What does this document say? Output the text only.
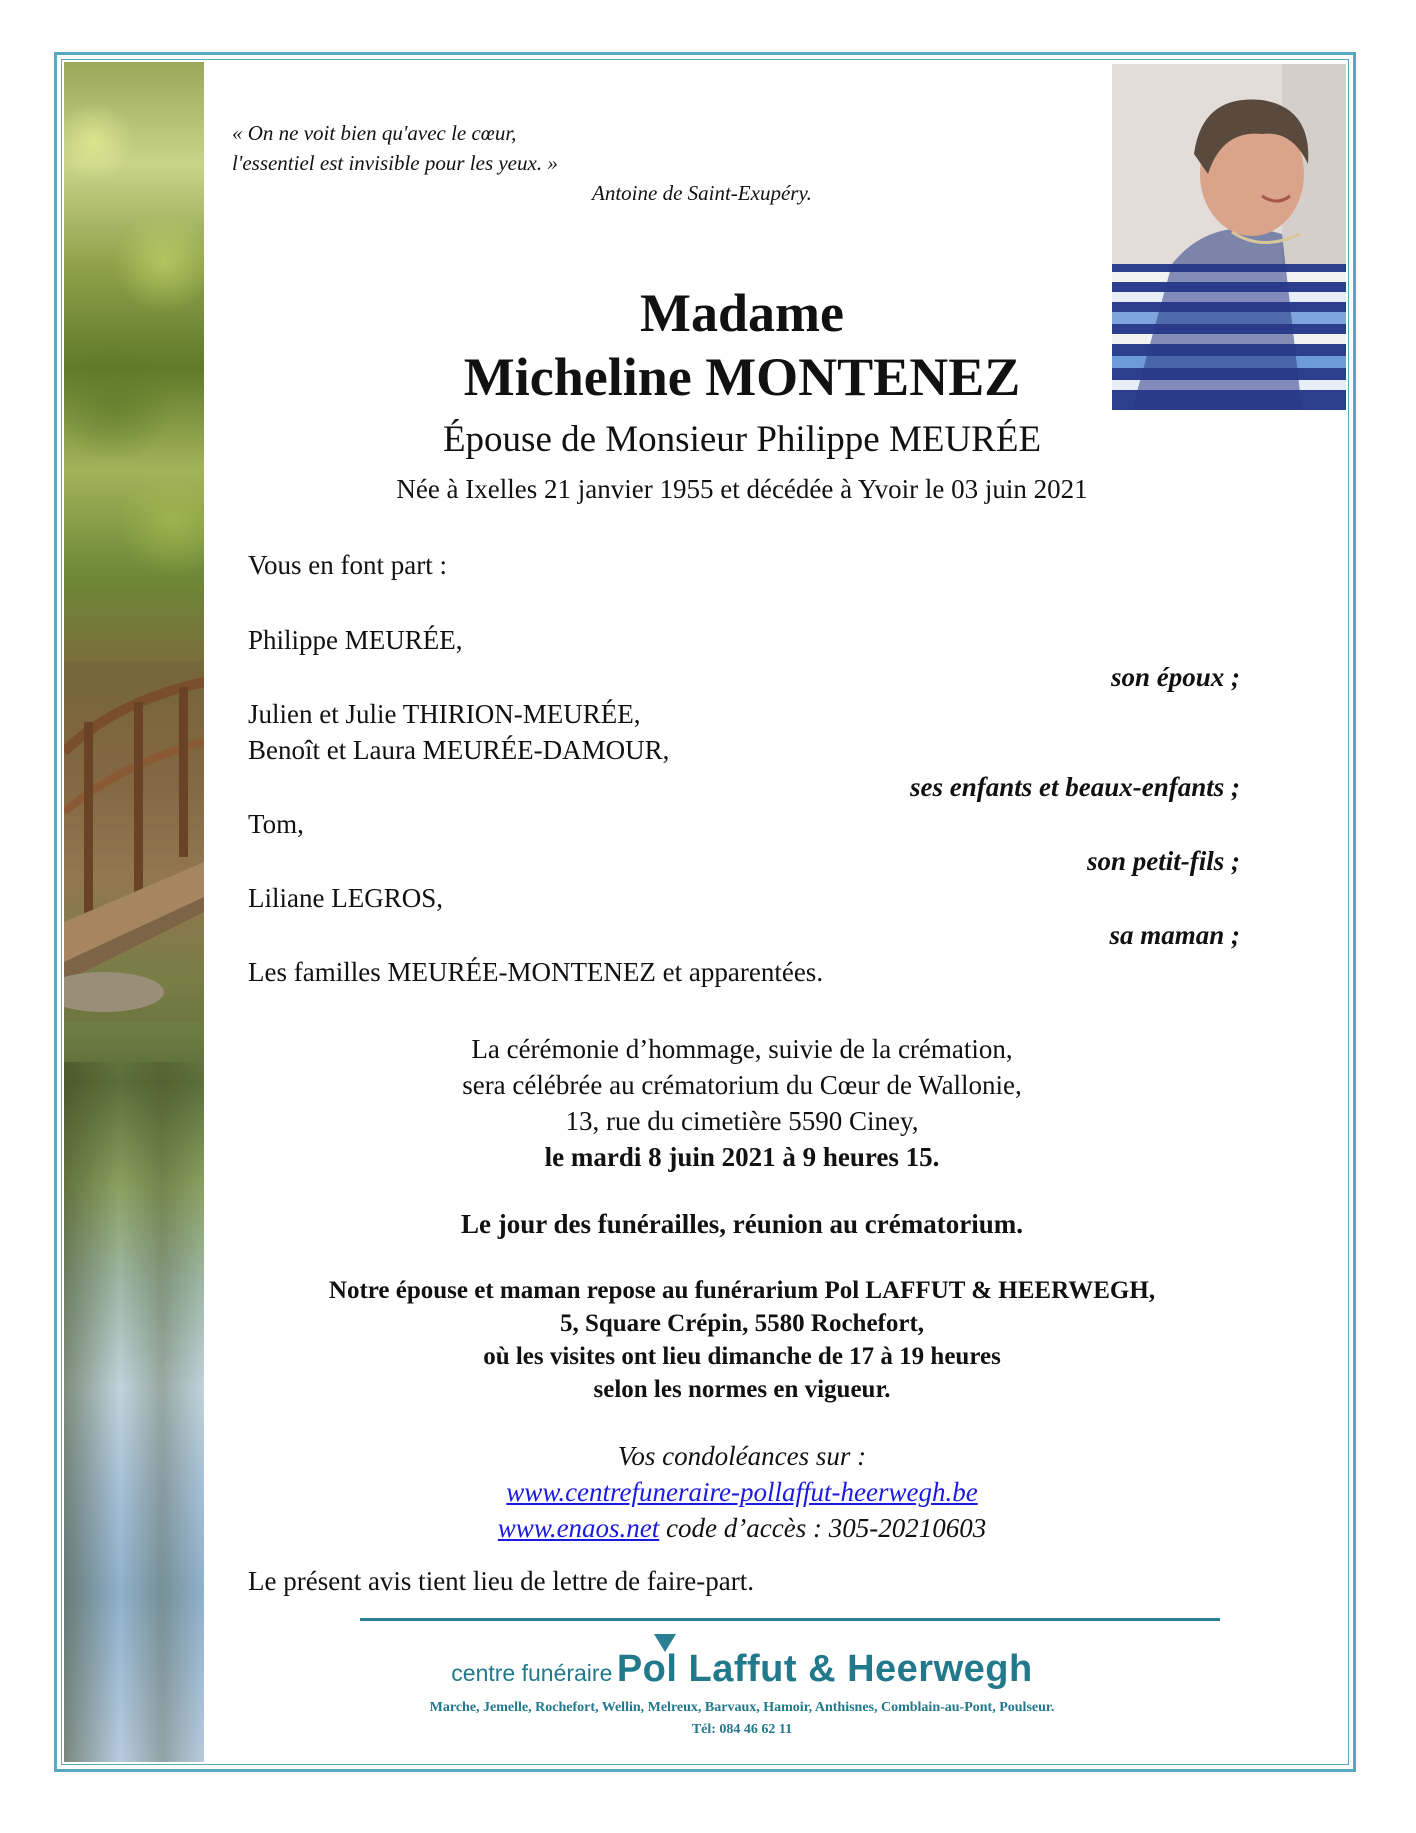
« On ne voit bien qu'avec le cœur,
l'essentiel est invisible pour les yeux. »
Antoine de Saint-Exupéry.
Madame
Micheline MONTENEZ
Épouse de Monsieur Philippe MEURÉE
Née à Ixelles 21 janvier 1955 et décédée à Yvoir le 03 juin 2021
Vous en font part :
Philippe MEURÉE,
son époux ;
Julien et Julie THIRION-MEURÉE,
Benoît et Laura MEURÉE-DAMOUR,
ses enfants et beaux-enfants ;
Tom,
son petit-fils ;
Liliane LEGROS,
sa maman ;
Les familles MEURÉE-MONTENEZ et apparentées.
La cérémonie d’hommage, suivie de la crémation,
sera célébrée au crématorium du Cœur de Wallonie,
13, rue du cimetière 5590 Ciney,
le mardi 8 juin 2021 à 9 heures 15.
Le jour des funérailles, réunion au crématorium.
Notre épouse et maman repose au funérarium Pol LAFFUT & HEERWEGH,
5, Square Crépin, 5580 Rochefort,
où les visites ont lieu dimanche de 17 à 19 heures
selon les normes en vigueur.
Vos condoléances sur :
www.centrefuneraire-pollaffut-heerwegh.be
www.enaos.net code d’accès : 305-20210603
Le présent avis tient lieu de lettre de faire-part.
centre funéraire Pol Laffut & Heerwegh
Marche, Jemelle, Rochefort, Wellin, Melreux, Barvaux, Hamoir, Anthisnes, Comblain-au-Pont, Poulseur.
Tél: 084 46 62 11
